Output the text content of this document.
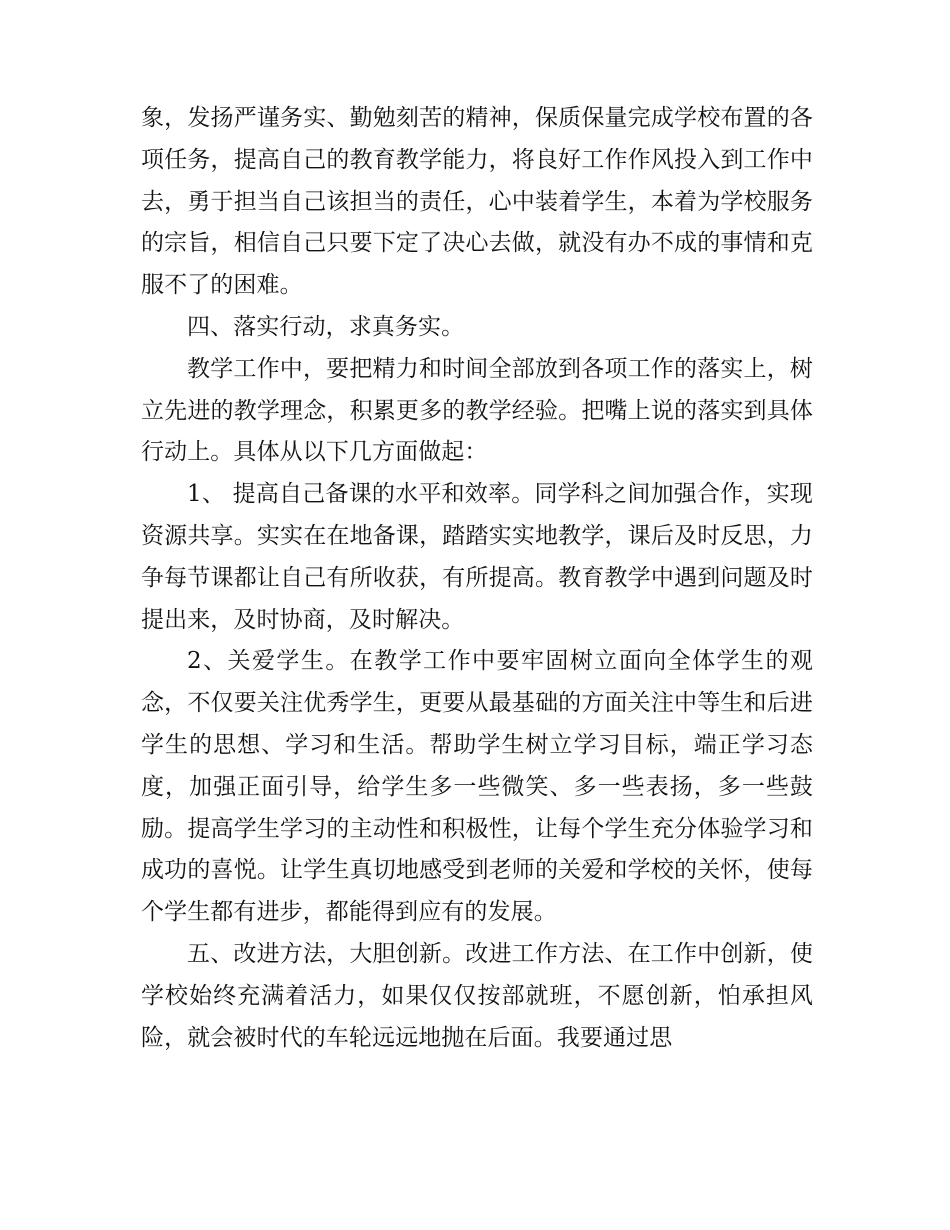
象，发扬严谨务实、勤勉刻苦的精神，保质保量完成学校布置的各项任务，提高自己的教育教学能力，将良好工作作风投入到工作中去，勇于担当自己该担当的责任，心中装着学生，本着为学校服务的宗旨，相信自己只要下定了决心去做，就没有办不成的事情和克服不了的困难。

四、落实行动，求真务实。

教学工作中，要把精力和时间全部放到各项工作的落实上，树立先进的教学理念，积累更多的教学经验。把嘴上说的落实到具体行动上。具体从以下几方面做起：

1、 提高自己备课的水平和效率。同学科之间加强合作，实现资源共享。实实在在地备课，踏踏实实地教学，课后及时反思，力争每节课都让自己有所收获，有所提高。教育教学中遇到问题及时提出来，及时协商，及时解决。

2、关爱学生。在教学工作中要牢固树立面向全体学生的观念，不仅要关注优秀学生，更要从最基础的方面关注中等生和后进学生的思想、学习和生活。帮助学生树立学习目标，端正学习态度，加强正面引导，给学生多一些微笑、多一些表扬，多一些鼓励。提高学生学习的主动性和积极性，让每个学生充分体验学习和成功的喜悦。让学生真切地感受到老师的关爱和学校的关怀，使每个学生都有进步，都能得到应有的发展。

五、改进方法，大胆创新。改进工作方法、在工作中创新，使学校始终充满着活力，如果仅仅按部就班，不愿创新，怕承担风险，就会被时代的车轮远远地抛在后面。我要通过思
